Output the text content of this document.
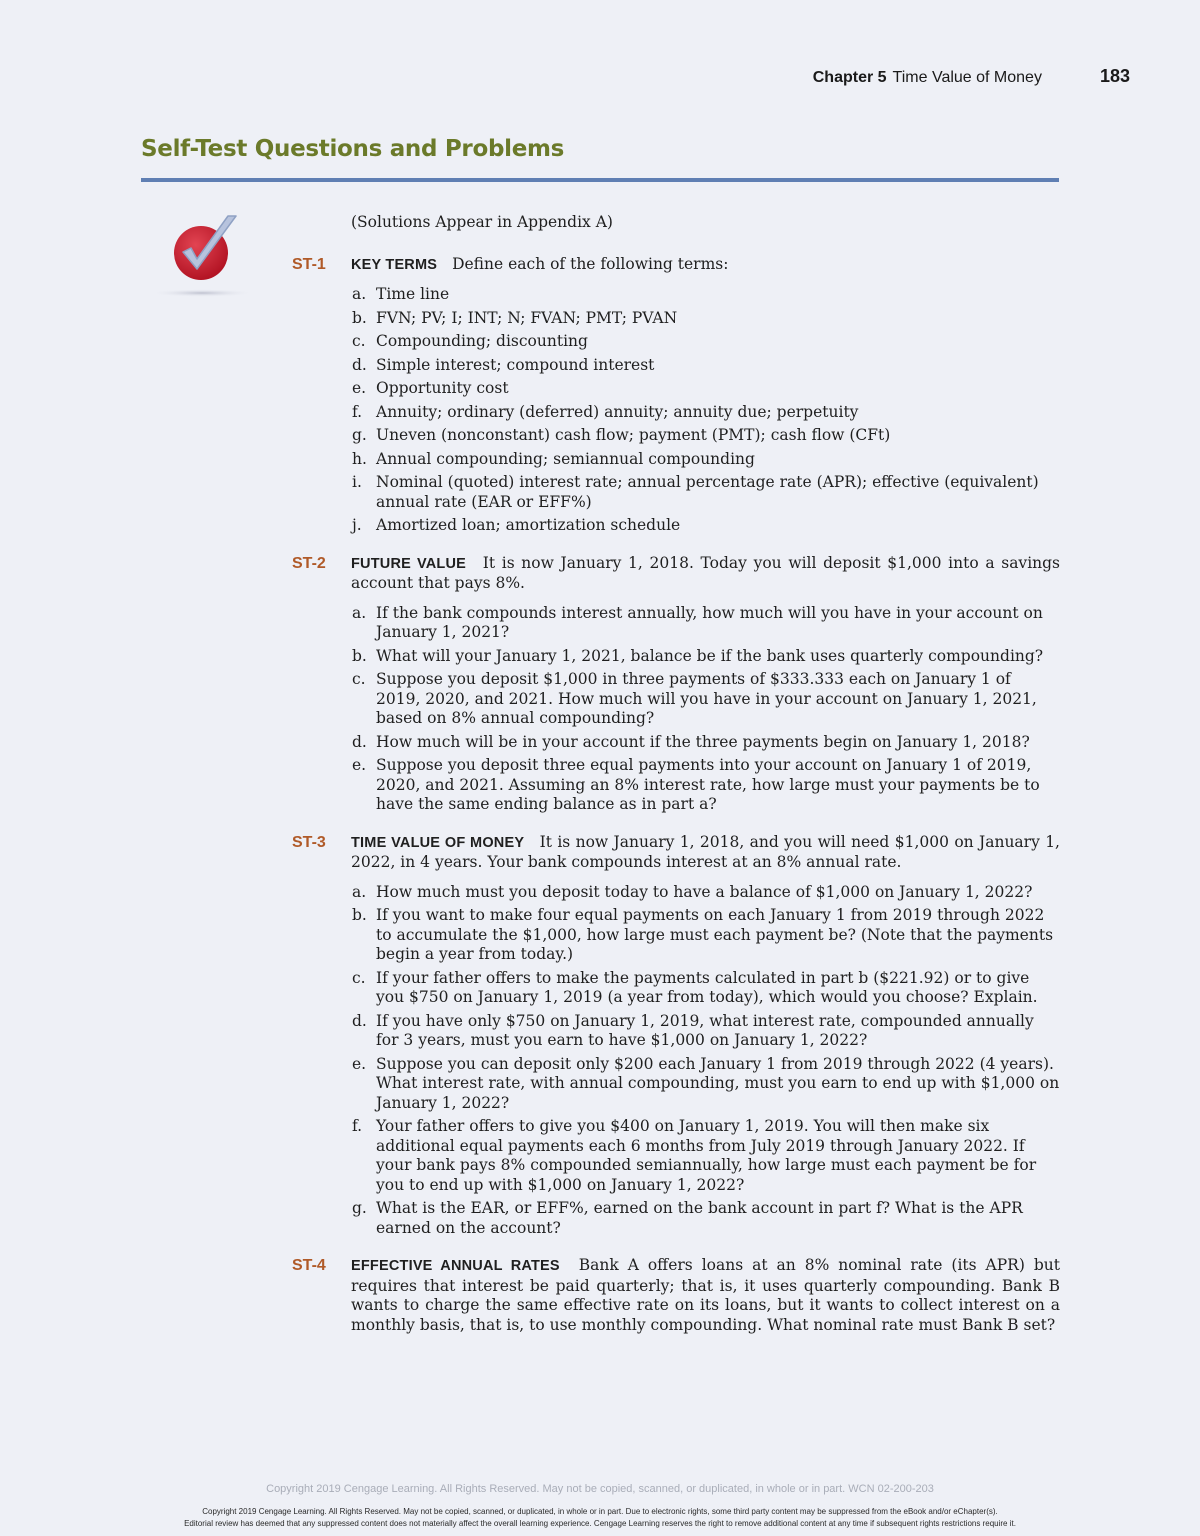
Chapter 5 Time Value of Money	183
Self-Test Questions and Problems
(Solutions Appear in Appendix A)
ST-1 KEY TERMS Define each of the following terms:
a. Time line
b. FVN; PV; I; INT; N; FVAN; PMT; PVAN
c. Compounding; discounting
d. Simple interest; compound interest
e. Opportunity cost
f. Annuity; ordinary (deferred) annuity; annuity due; perpetuity
g. Uneven (nonconstant) cash flow; payment (PMT); cash flow (CFt)
h. Annual compounding; semiannual compounding
i. Nominal (quoted) interest rate; annual percentage rate (APR); effective (equivalent) annual rate (EAR or EFF%)
j. Amortized loan; amortization schedule
ST-2 FUTURE VALUE It is now January 1, 2018. Today you will deposit $1,000 into a savings account that pays 8%.
a. If the bank compounds interest annually, how much will you have in your account on January 1, 2021?
b. What will your January 1, 2021, balance be if the bank uses quarterly compounding?
c. Suppose you deposit $1,000 in three payments of $333.333 each on January 1 of 2019, 2020, and 2021. How much will you have in your account on January 1, 2021, based on 8% annual compounding?
d. How much will be in your account if the three payments begin on January 1, 2018?
e. Suppose you deposit three equal payments into your account on January 1 of 2019, 2020, and 2021. Assuming an 8% interest rate, how large must your payments be to have the same ending balance as in part a?
ST-3 TIME VALUE OF MONEY It is now January 1, 2018, and you will need $1,000 on January 1, 2022, in 4 years. Your bank compounds interest at an 8% annual rate.
a. How much must you deposit today to have a balance of $1,000 on January 1, 2022?
b. If you want to make four equal payments on each January 1 from 2019 through 2022 to accumulate the $1,000, how large must each payment be? (Note that the payments begin a year from today.)
c. If your father offers to make the payments calculated in part b ($221.92) or to give you $750 on January 1, 2019 (a year from today), which would you choose? Explain.
d. If you have only $750 on January 1, 2019, what interest rate, compounded annually for 3 years, must you earn to have $1,000 on January 1, 2022?
e. Suppose you can deposit only $200 each January 1 from 2019 through 2022 (4 years). What interest rate, with annual compounding, must you earn to end up with $1,000 on January 1, 2022?
f. Your father offers to give you $400 on January 1, 2019. You will then make six additional equal payments each 6 months from July 2019 through January 2022. If your bank pays 8% compounded semiannually, how large must each payment be for you to end up with $1,000 on January 1, 2022?
g. What is the EAR, or EFF%, earned on the bank account in part f? What is the APR earned on the account?
ST-4 EFFECTIVE ANNUAL RATES Bank A offers loans at an 8% nominal rate (its APR) but requires that interest be paid quarterly; that is, it uses quarterly compounding. Bank B wants to charge the same effective rate on its loans, but it wants to collect interest on a monthly basis, that is, to use monthly compounding. What nominal rate must Bank B set?
Copyright 2019 Cengage Learning. All Rights Reserved. May not be copied, scanned, or duplicated, in whole or in part. WCN 02-200-203
Copyright 2019 Cengage Learning. All Rights Reserved. May not be copied, scanned, or duplicated, in whole or in part. Due to electronic rights, some third party content may be suppressed from the eBook and/or eChapter(s).
Editorial review has deemed that any suppressed content does not materially affect the overall learning experience. Cengage Learning reserves the right to remove additional content at any time if subsequent rights restrictions require it.
